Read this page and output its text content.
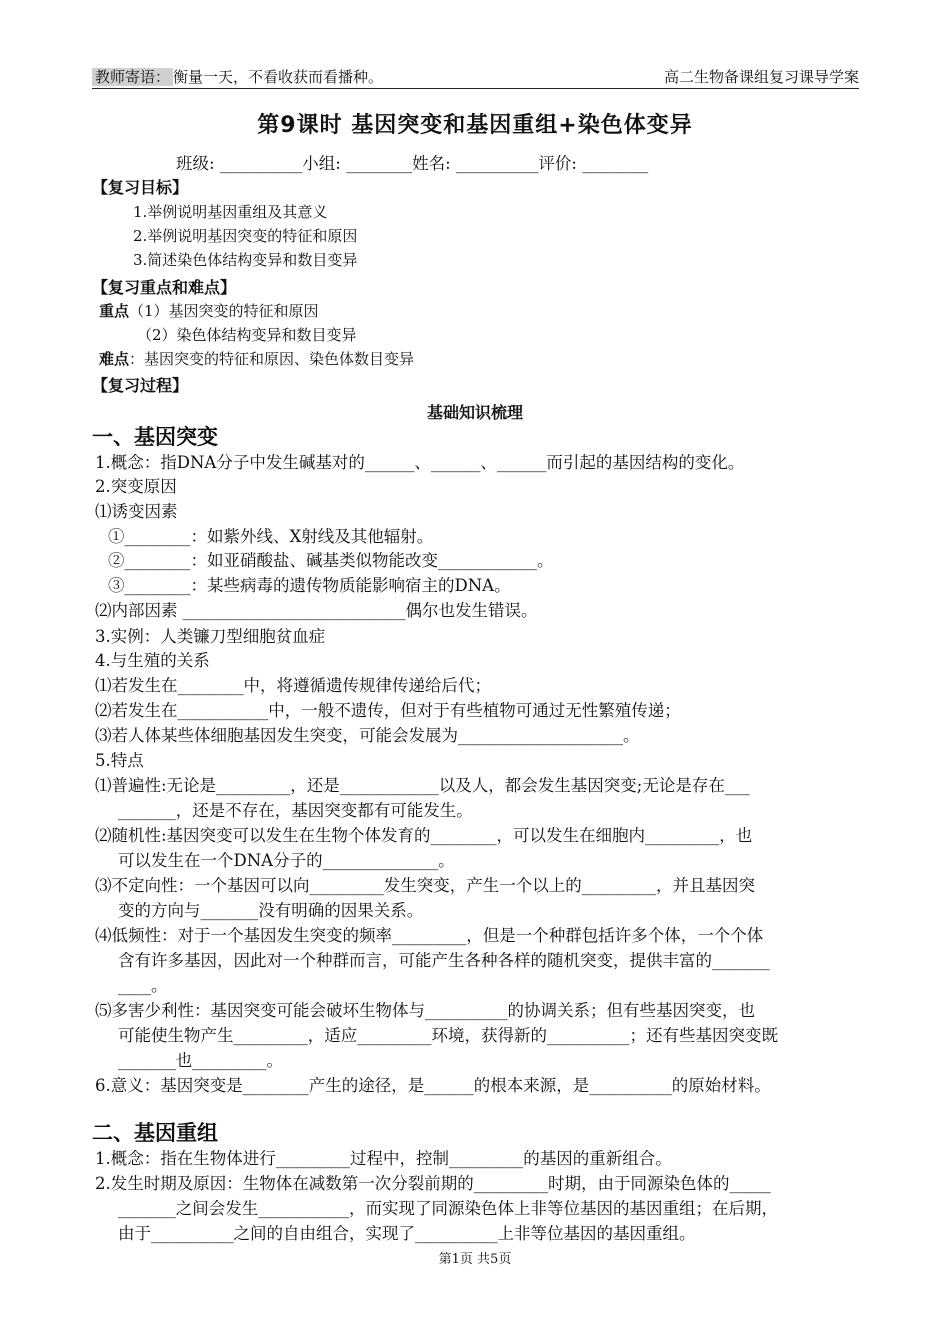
教师寄语： 衡量一天，不看收获而看播种。	高二生物备课组复习课导学案
第9课时 基因突变和基因重组+染色体变异
班级: __________小组: ________姓名: __________评价: ________
【复习目标】
1.举例说明基因重组及其意义
2.举例说明基因突变的特征和原因
3.简述染色体结构变异和数目变异
【复习重点和难点】
重点（1）基因突变的特征和原因
（2）染色体结构变异和数目变异
难点：基因突变的特征和原因、染色体数目变异
【复习过程】
基础知识梳理
一、基因突变
1.概念：指DNA分子中发生碱基对的______、______、______而引起的基因结构的变化。
2.突变原因
⑴诱变因素
①________：如紫外线、X射线及其他辐射。
②________：如亚硝酸盐、碱基类似物能改变____________。
③________：某些病毒的遗传物质能影响宿主的DNA。
⑵内部因素 ___________________________偶尔也发生错误。
3.实例：人类镰刀型细胞贫血症
4.与生殖的关系
⑴若发生在________中，将遵循遗传规律传递给后代；
⑵若发生在___________中，一般不遗传，但对于有些植物可通过无性繁殖传递；
⑶若人体某些体细胞基因发生突变，可能会发展为____________________。
5.特点
⑴普遍性:无论是_________，还是____________以及人，都会发生基因突变;无论是存在___
_______，还是不存在，基因突变都有可能发生。
⑵随机性:基因突变可以发生在生物个体发育的________，可以发生在细胞内_________，也
可以发生在一个DNA分子的______________。
⑶不定向性：一个基因可以向_________发生突变，产生一个以上的_________，并且基因突
变的方向与_______没有明确的因果关系。
⑷低频性：对于一个基因发生突变的频率_________，但是一个种群包括许多个体，一个个体
含有许多基因，因此对一个种群而言，可能产生各种各样的随机突变，提供丰富的_______
____。
⑸多害少利性：基因突变可能会破坏生物体与__________的协调关系；但有些基因突变，也
可能使生物产生_________，适应_________环境，获得新的__________；还有些基因突变既
_______也_________。
6.意义：基因突变是________产生的途径，是______的根本来源，是__________的原始材料。
二、基因重组
1.概念：指在生物体进行_________过程中，控制_________的基因的重新组合。
2.发生时期及原因：生物体在减数第一次分裂前期的_________时期，由于同源染色体的_____
_______之间会发生___________，而实现了同源染色体上非等位基因的基因重组；在后期，
由于__________之间的自由组合，实现了__________上非等位基因的基因重组。
第1页 共5页
